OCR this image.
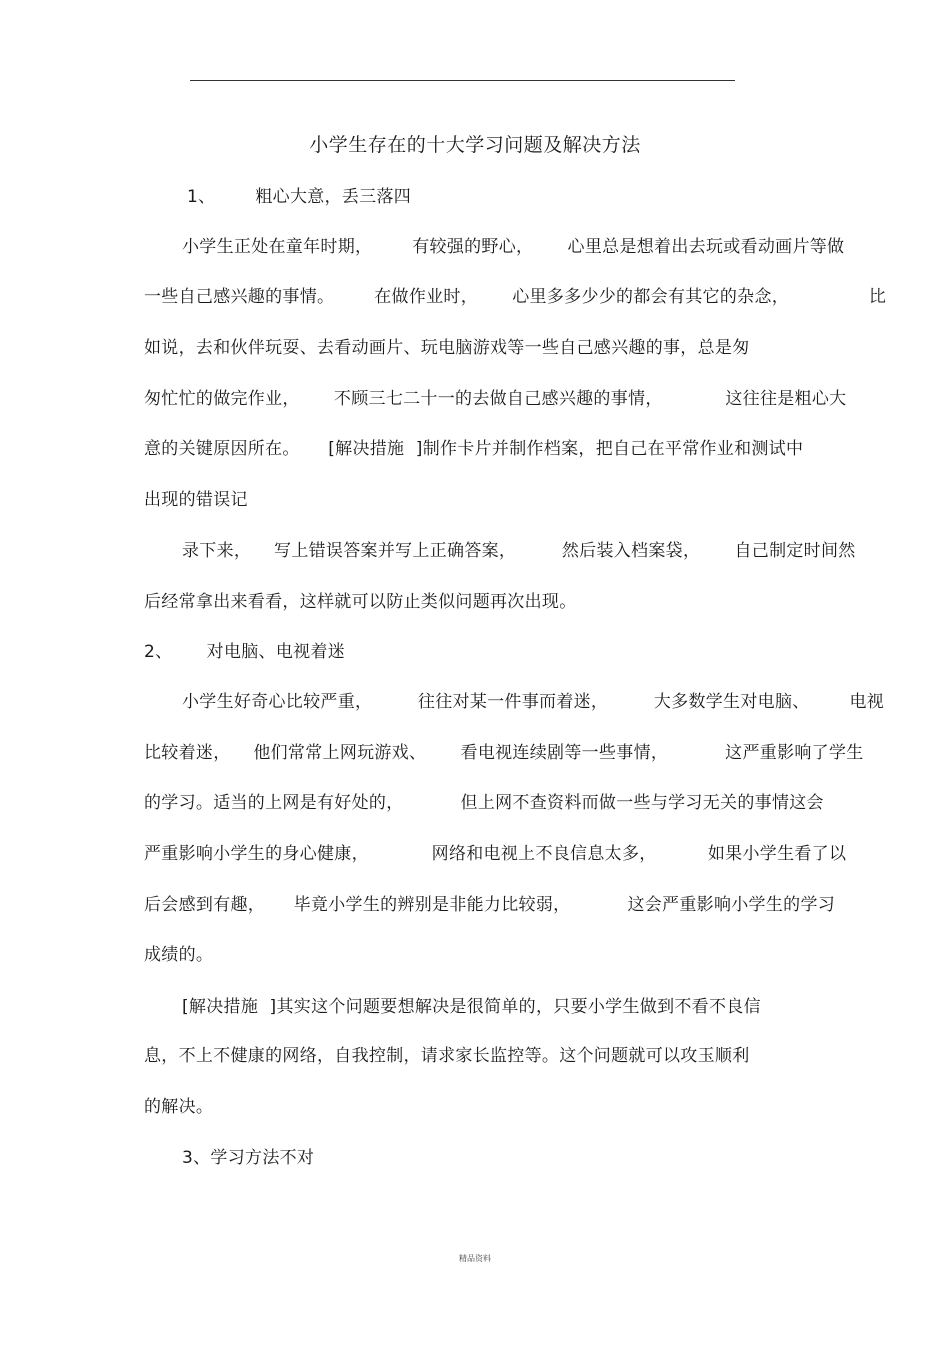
小学生存在的十大学习问题及解决方法
1、       粗心大意，丢三落四
小学生正处在童年时期，       有较强的野心，      心里总是想着出去玩或看动画片等做
一些自己感兴趣的事情。       在做作业时，      心里多多少少的都会有其它的杂念，              比
如说，去和伙伴玩耍、去看动画片、玩电脑游戏等一些自己感兴趣的事，总是匆
匆忙忙的做完作业，      不顾三七二十一的去做自己感兴趣的事情，           这往往是粗心大
意的关键原因所在。     [解决措施  ]制作卡片并制作档案，把自己在平常作业和测试中
出现的错误记
录下来，    写上错误答案并写上正确答案，        然后装入档案袋，      自己制定时间然
后经常拿出来看看，这样就可以防止类似问题再次出现。
2、      对电脑、电视着迷
小学生好奇心比较严重，        往往对某一件事而着迷，        大多数学生对电脑、       电视
比较着迷，    他们常常上网玩游戏、      看电视连续剧等一些事情，          这严重影响了学生
的学习。适当的上网是有好处的，          但上网不查资料而做一些与学习无关的事情这会
严重影响小学生的身心健康，           网络和电视上不良信息太多，         如果小学生看了以
后会感到有趣，     毕竟小学生的辨别是非能力比较弱，          这会严重影响小学生的学习
成绩的。
[解决措施  ]其实这个问题要想解决是很简单的，只要小学生做到不看不良信
息，不上不健康的网络，自我控制，请求家长监控等。这个问题就可以攻玉顺利
的解决。
3、学习方法不对
精品资料
